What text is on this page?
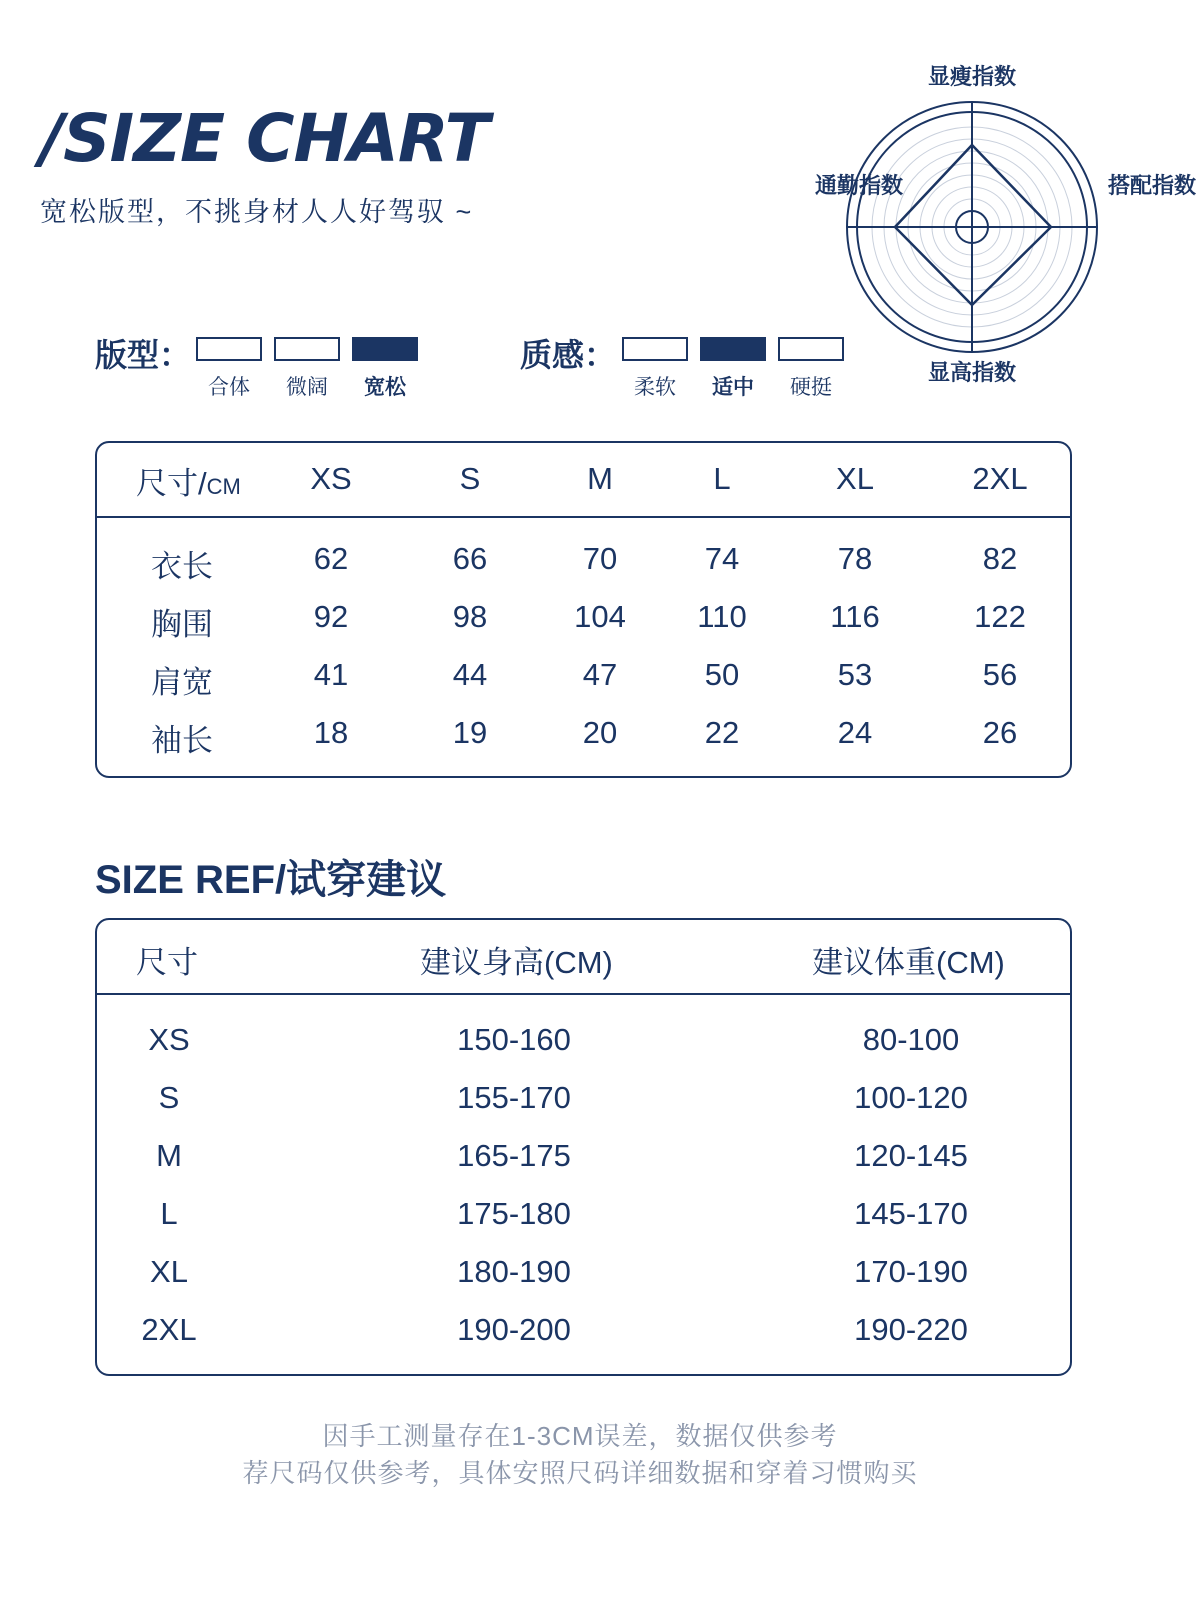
/SIZE CHART
宽松版型，不挑身材人人好驾驭 ~
显瘦指数
显高指数
通勤指数	搭配指数
版型：
合体	微阔	宽松
质感：
柔软	适中	硬挺
尺寸/CM XS	S	M	L	XL	2XL
衣长	62	66	70	74	78	82
胸围	92	98	104 110	116	122
肩宽	41	44	47	50	53	56
袖长	18	19	20	22	24	26
SIZE REF/试穿建议
尺寸	建议身高(CM)	建议体重(CM)
XS	150-160	80-100
S	155-170	100-120
M	165-175	120-145
L	175-180	145-170
XL	180-190	170-190
2XL	190-200	190-220
因手工测量存在1-3CM误差，数据仅供参考
荐尺码仅供参考，具体安照尺码详细数据和穿着习惯购买
